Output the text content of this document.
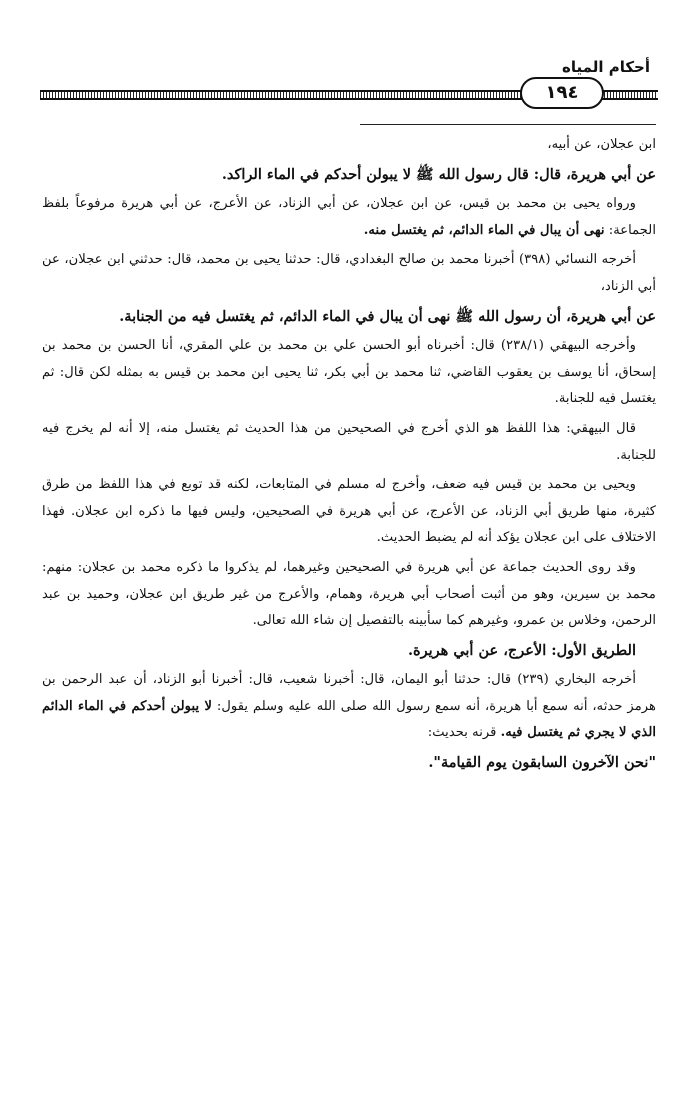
أحكام المياه
١٩٤

ابن عجلان، عن أبيه،

عن أبي هريرة، قال: قال رسول الله ﷺ لا يبولن أحدكم في الماء الراكد.

ورواه يحيى بن محمد بن قيس، عن ابن عجلان، عن أبي الزناد، عن الأعرج، عن أبي هريرة مرفوعاً بلفظ الجماعة: نهى أن يبال في الماء الدائم، ثم يغتسل منه.

أخرجه النسائي (٣٩٨) أخبرنا محمد بن صالح البغدادي، قال: حدثنا يحيى بن محمد، قال: حدثني ابن عجلان، عن أبي الزناد،

عن أبي هريرة، أن رسول الله ﷺ نهى أن يبال في الماء الدائم، ثم يغتسل فيه من الجنابة.

وأخرجه البيهقي (٢٣٨/١) قال: أخبرناه أبو الحسن علي بن محمد بن علي المقري، أنا الحسن بن محمد بن إسحاق، أنا يوسف بن يعقوب القاضي، ثنا محمد بن أبي بكر، ثنا يحيى ابن محمد بن قيس به بمثله لكن قال: ثم يغتسل فيه للجنابة.

قال البيهقي: هذا اللفظ هو الذي أخرج في الصحيحين من هذا الحديث ثم يغتسل منه، إلا أنه لم يخرج فيه للجنابة.

ويحيى بن محمد بن قيس فيه ضعف، وأخرج له مسلم في المتابعات، لكنه قد توبع في هذا اللفظ من طرق كثيرة، منها طريق أبي الزناد، عن الأعرج، عن أبي هريرة في الصحيحين، وليس فيها ما ذكره ابن عجلان. فهذا الاختلاف على ابن عجلان يؤكد أنه لم يضبط الحديث.

وقد روى الحديث جماعة عن أبي هريرة في الصحيحين وغيرهما، لم يذكروا ما ذكره محمد بن عجلان: منهم: محمد بن سيرين، وهو من أثبت أصحاب أبي هريرة، وهمام، والأعرج من غير طريق ابن عجلان، وحميد بن عبد الرحمن، وخلاس بن عمرو، وغيرهم كما سأبينه بالتفصيل إن شاء الله تعالى.

الطريق الأول: الأعرج، عن أبي هريرة.

أخرجه البخاري (٢٣٩) قال: حدثنا أبو اليمان، قال: أخبرنا شعيب، قال: أخبرنا أبو الزناد، أن عبد الرحمن بن هرمز حدثه، أنه سمع أبا هريرة، أنه سمع رسول الله صلى الله عليه وسلم يقول: لا يبولن أحدكم في الماء الدائم الذي لا يجري ثم يغتسل فيه. قرنه بحديث:

"نحن الآخرون السابقون يوم القيامة".
